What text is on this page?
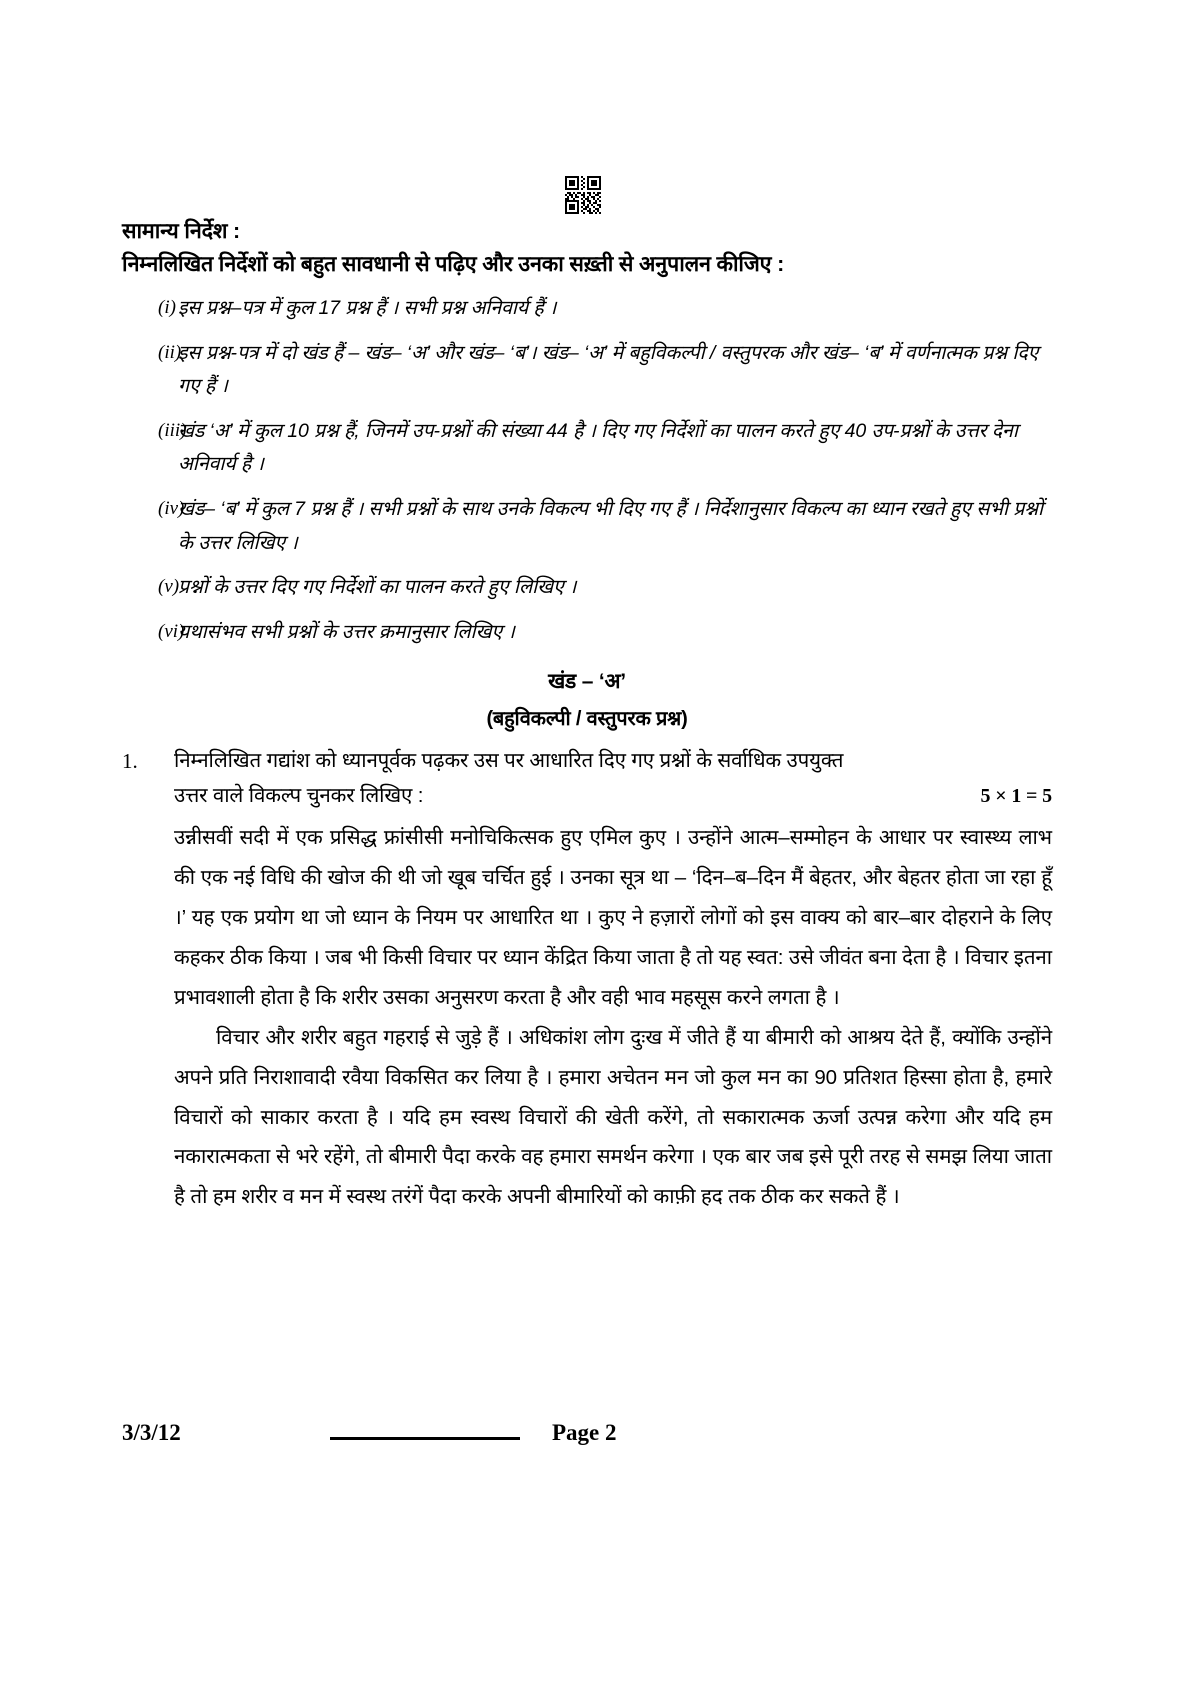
सामान्य निर्देश :
निम्नलिखित निर्देशों को बहुत सावधानी से पढ़िए और उनका सख़्ती से अनुपालन कीजिए :
(i) इस प्रश्न–पत्र में कुल 17 प्रश्न हैं । सभी प्रश्न अनिवार्य हैं ।
(ii)
इस प्रश्न-पत्र में दो खंड हैं – खंड– ‘अ’ और खंड– ‘ब’। खंड– ‘अ’ में बहुविकल्पी / वस्तुपरक और खंड– ‘ब’ में वर्णनात्मक प्रश्न दिए गए हैं ।
(iii)
खंड ‘अ’ में कुल 10 प्रश्न हैं, जिनमें उप-प्रश्नों की संख्या 44 है । दिए गए निर्देशों का पालन करते हुए 40 उप-प्रश्नों के उत्तर देना अनिवार्य है ।
(iv)
खंड– ‘ब’ में कुल 7 प्रश्न हैं । सभी प्रश्नों के साथ उनके विकल्प भी दिए गए हैं । निर्देशानुसार विकल्प का ध्यान रखते हुए सभी प्रश्नों के उत्तर लिखिए ।
(v)
प्रश्नों के उत्तर दिए गए निर्देशों का पालन करते हुए लिखिए ।
(vi)
यथासंभव सभी प्रश्नों के उत्तर क्रमानुसार लिखिए ।
खंड – ‘अ’
(बहुविकल्पी / वस्तुपरक प्रश्न)
1.	निम्नलिखित गद्यांश को ध्यानपूर्वक पढ़कर उस पर आधारित दिए गए प्रश्नों के सर्वाधिक उपयुक्त
उत्तर वाले विकल्प चुनकर लिखिए :	5 × 1 = 5

उन्नीसवीं सदी में एक प्रसिद्ध फ्रांसीसी मनोचिकित्सक हुए एमिल कुए । उन्होंने आत्म–सम्मोहन के आधार पर स्वास्थ्य लाभ की एक नई विधि की खोज की थी जो खूब चर्चित हुई । उनका सूत्र था – ‘दिन–ब–दिन मैं बेहतर, और बेहतर होता जा रहा हूँ ।’ यह एक प्रयोग था जो ध्यान के नियम पर आधारित था । कुए ने हज़ारों लोगों को इस वाक्य को बार–बार दोहराने के लिए कहकर ठीक किया । जब भी किसी विचार पर ध्यान केंद्रित किया जाता है तो यह स्वत: उसे जीवंत बना देता है । विचार इतना प्रभावशाली होता है कि शरीर उसका अनुसरण करता है और वही भाव महसूस करने लगता है ।

विचार और शरीर बहुत गहराई से जुड़े हैं । अधिकांश लोग दुःख में जीते हैं या बीमारी को आश्रय देते हैं, क्योंकि उन्होंने अपने प्रति निराशावादी रवैया विकसित कर लिया है । हमारा अचेतन मन जो कुल मन का 90 प्रतिशत हिस्सा होता है, हमारे विचारों को साकार करता है । यदि हम स्वस्थ विचारों की खेती करेंगे, तो सकारात्मक ऊर्जा उत्पन्न करेगा और यदि हम नकारात्मकता से भरे रहेंगे, तो बीमारी पैदा करके वह हमारा समर्थन करेगा । एक बार जब इसे पूरी तरह से समझ लिया जाता है तो हम शरीर व मन में स्वस्थ तरंगें पैदा करके अपनी बीमारियों को काफ़ी हद तक ठीक कर सकते हैं ।

3/3/12	Page 2
